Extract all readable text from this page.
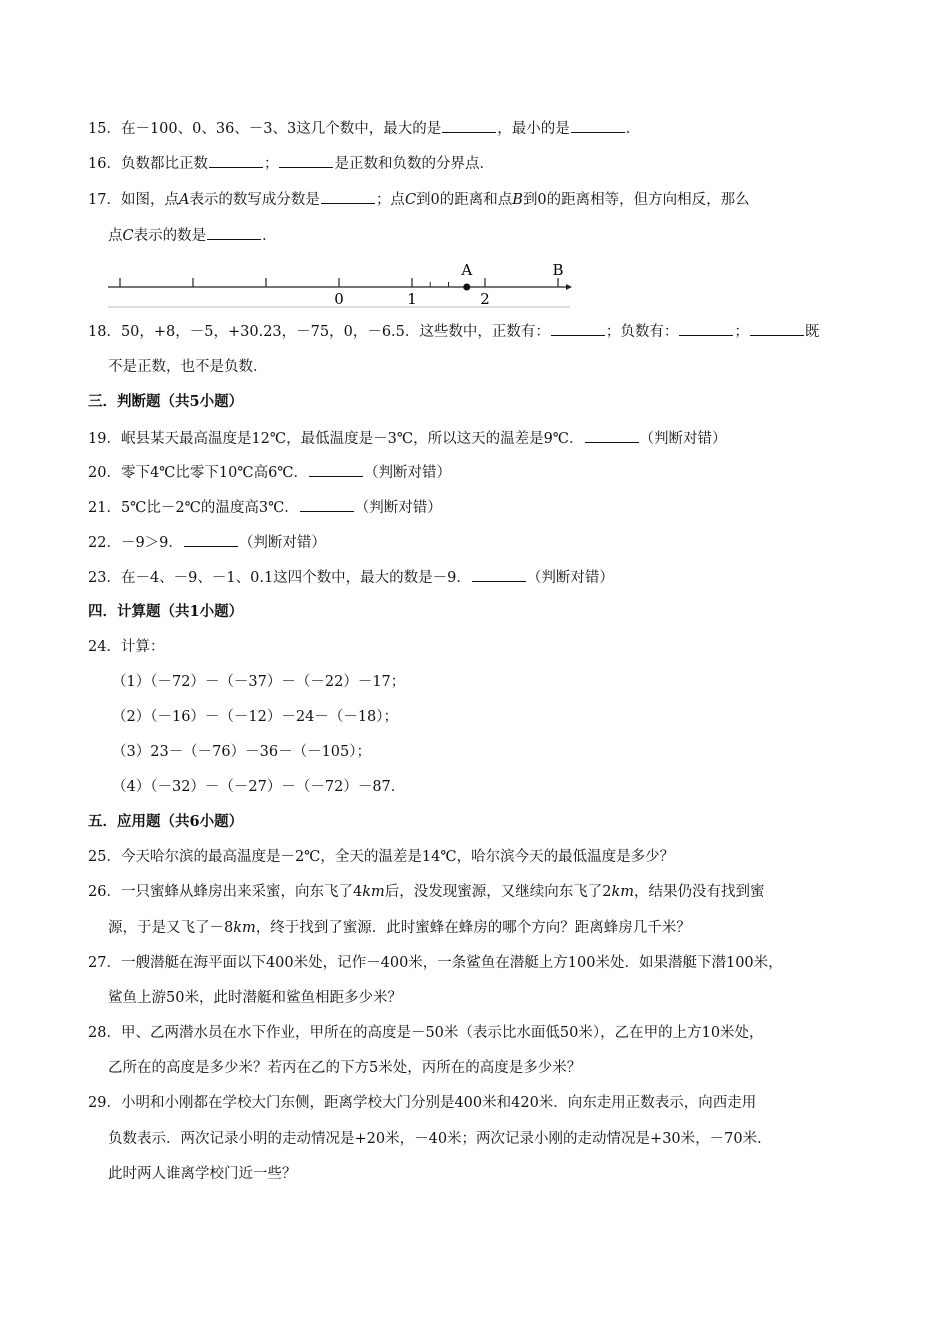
15．在－100、0、36、－3、3这几个数中，最大的是	，最小的是	．
16．负数都比正数	；	是正数和负数的分界点．
17．如图，点A表示的数写成分数是	；点C到0的距离和点B到0的距离相等，但方向相反，那么
点C表示的数是	．
18．50，+8，－5，+30.23，－75，0，－6.5．这些数中，正数有：	；负数有：	；	既
不是正数，也不是负数．
三．判断题（共5小题）
19．岷县某天最高温度是12℃，最低温度是－3℃，所以这天的温差是9℃．	（判断对错）
20．零下4℃比零下10℃高6℃．	（判断对错）
21．5℃比－2℃的温度高3℃．	（判断对错）
22．－9＞9．	（判断对错）
23．在－4、－9、－1、0.1这四个数中，最大的数是－9．	（判断对错）
四．计算题（共1小题）
24．计算：
（1）（－72）－（－37）－（－22）－17；
（2）（－16）－（－12）－24－（－18）；
（3）23－（－76）－36－（－105）；
（4）（－32）－（－27）－（－72）－87．
五．应用题（共6小题）
25．今天哈尔滨的最高温度是－2℃，全天的温差是14℃，哈尔滨今天的最低温度是多少？
26．一只蜜蜂从蜂房出来采蜜，向东飞了4km后，没发现蜜源，又继续向东飞了2km，结果仍没有找到蜜
源，于是又飞了－8km，终于找到了蜜源．此时蜜蜂在蜂房的哪个方向？距离蜂房几千米？
27．一艘潜艇在海平面以下400米处，记作－400米，一条鲨鱼在潜艇上方100米处．如果潜艇下潜100米，
鲨鱼上游50米，此时潜艇和鲨鱼相距多少米？
28．甲、乙两潜水员在水下作业，甲所在的高度是－50米（表示比水面低50米），乙在甲的上方10米处，
乙所在的高度是多少米？若丙在乙的下方5米处，丙所在的高度是多少米？
29．小明和小刚都在学校大门东侧，距离学校大门分别是400米和420米．向东走用正数表示，向西走用
负数表示．两次记录小明的走动情况是+20米，－40米；两次记录小刚的走动情况是+30米，－70米．
此时两人谁离学校门近一些？
0	1	2
A	B
